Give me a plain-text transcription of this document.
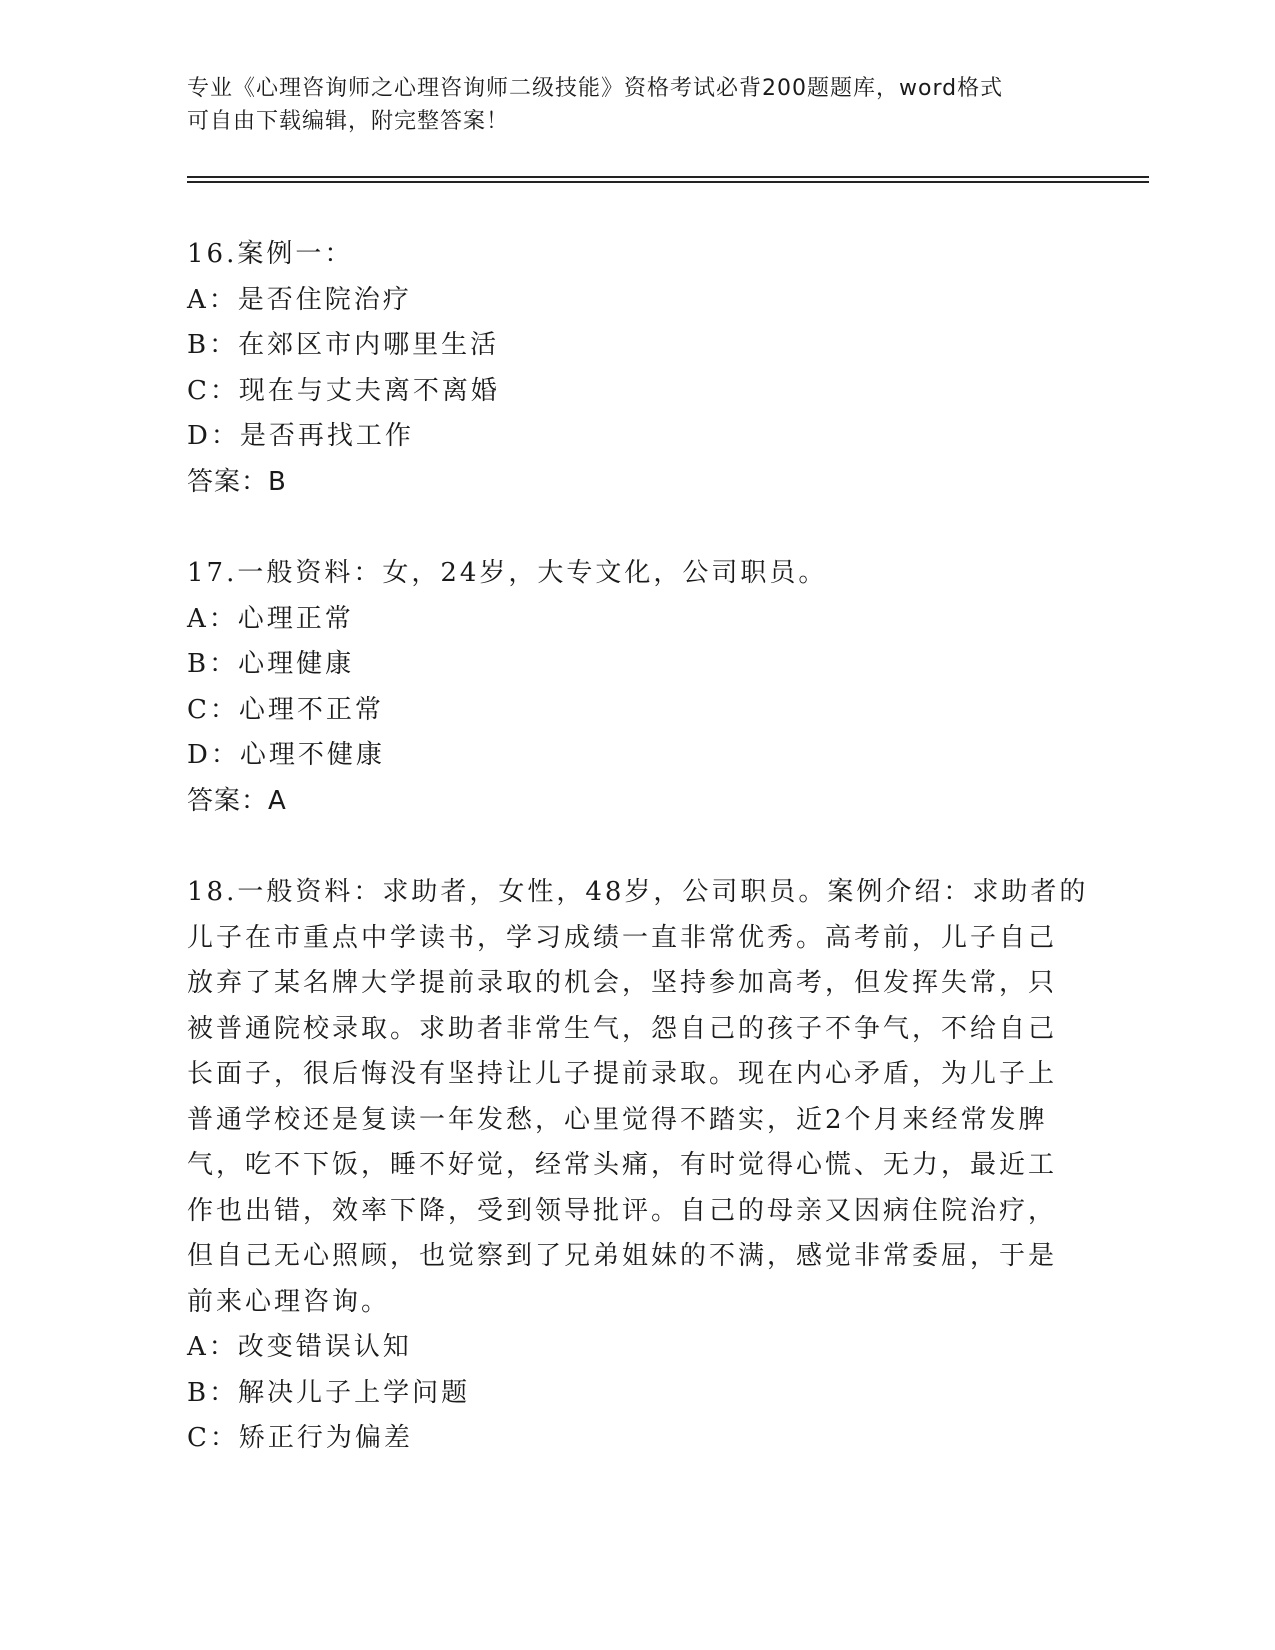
专业《心理咨询师之心理咨询师二级技能》资格考试必背200题题库，word格式
可自由下载编辑，附完整答案！
16.案例一：
A：是否住院治疗
B：在郊区市内哪里生活
C：现在与丈夫离不离婚
D：是否再找工作
答案：B
17.一般资料：女，24岁，大专文化，公司职员。
A：心理正常
B：心理健康
C：心理不正常
D：心理不健康
答案：A
18.一般资料：求助者，女性，48岁，公司职员。案例介绍：求助者的
儿子在市重点中学读书，学习成绩一直非常优秀。高考前，儿子自己
放弃了某名牌大学提前录取的机会，坚持参加高考，但发挥失常，只
被普通院校录取。求助者非常生气，怨自己的孩子不争气，不给自己
长面子，很后悔没有坚持让儿子提前录取。现在内心矛盾，为儿子上
普通学校还是复读一年发愁，心里觉得不踏实，近2个月来经常发脾
气，吃不下饭，睡不好觉，经常头痛，有时觉得心慌、无力，最近工
作也出错，效率下降，受到领导批评。自己的母亲又因病住院治疗，
但自己无心照顾，也觉察到了兄弟姐妹的不满，感觉非常委屈，于是
前来心理咨询。
A：改变错误认知
B：解决儿子上学问题
C：矫正行为偏差
